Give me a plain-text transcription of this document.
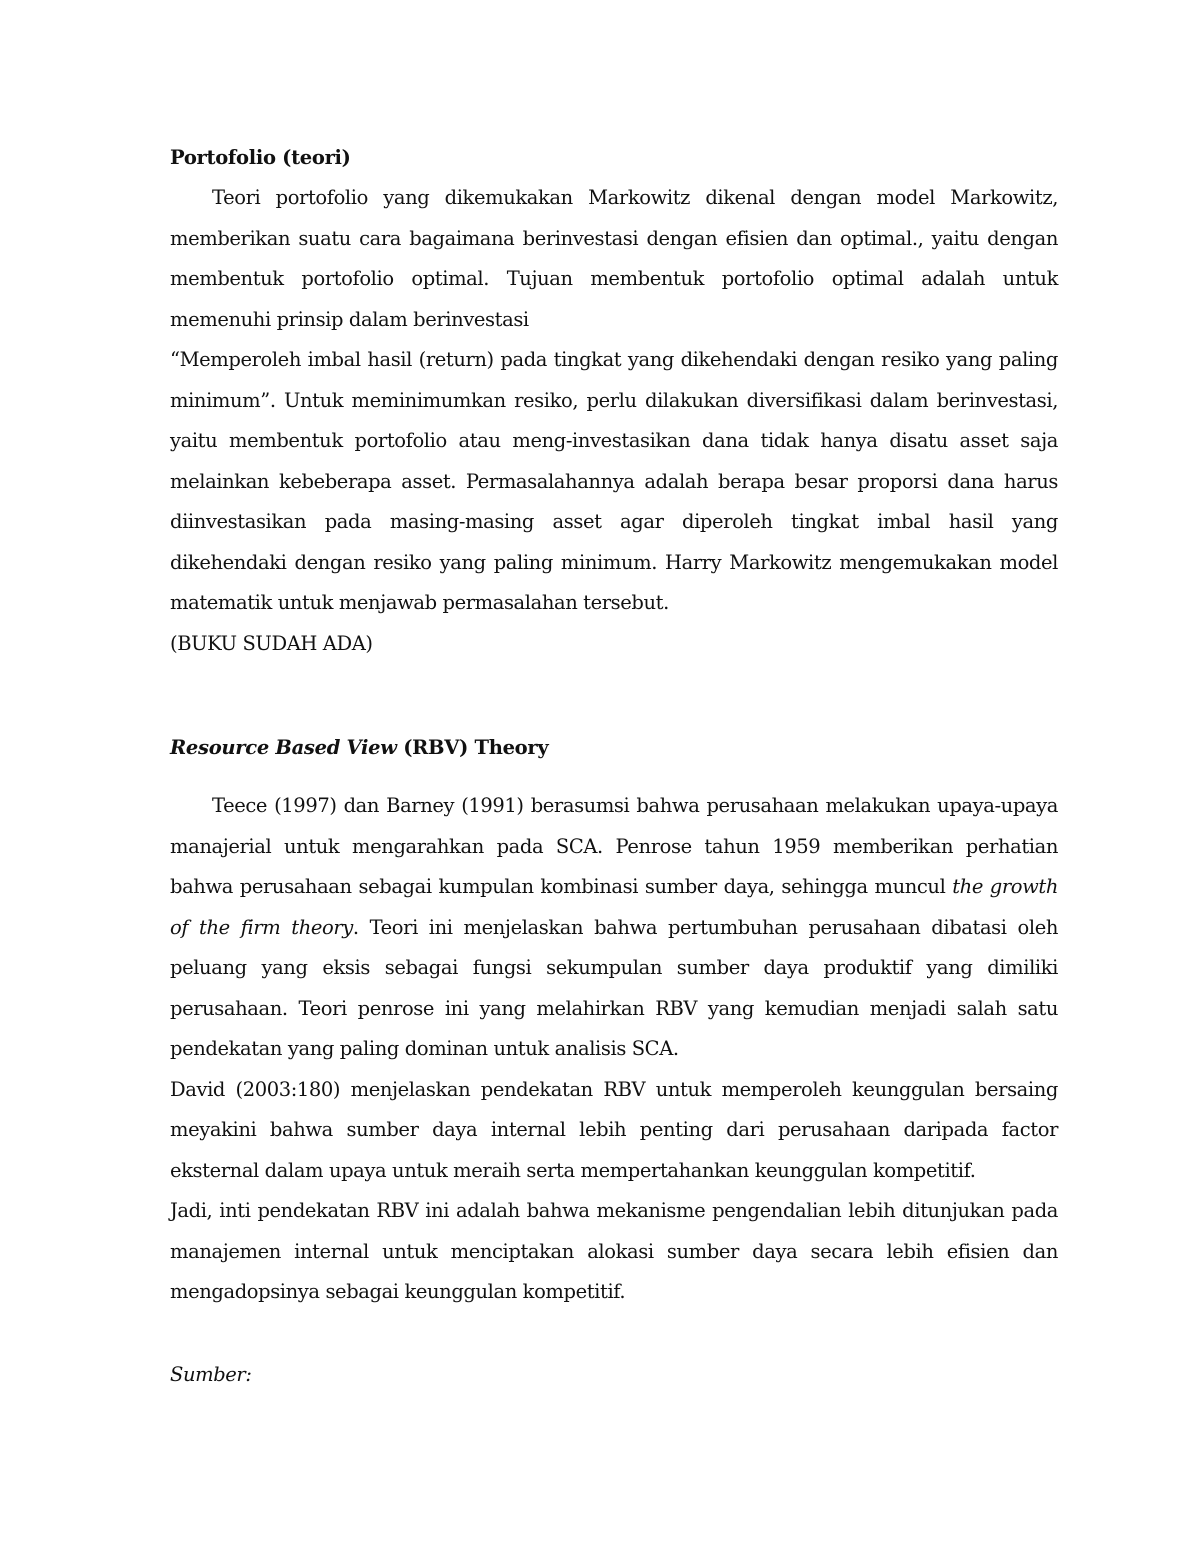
Portofolio (teori)

Teori portofolio yang dikemukakan Markowitz dikenal dengan model Markowitz, memberikan suatu cara bagaimana berinvestasi dengan efisien dan optimal., yaitu dengan membentuk portofolio optimal. Tujuan membentuk portofolio optimal adalah untuk memenuhi prinsip dalam berinvestasi

“Memperoleh imbal hasil (return) pada tingkat yang dikehendaki dengan resiko yang paling minimum”. Untuk meminimumkan resiko, perlu dilakukan diversifikasi dalam berinvestasi, yaitu membentuk portofolio atau meng-investasikan dana tidak hanya disatu asset saja melainkan kebeberapa asset. Permasalahannya adalah berapa besar proporsi dana harus diinvestasikan pada masing-masing asset agar diperoleh tingkat imbal hasil yang dikehendaki dengan resiko yang paling minimum. Harry Markowitz mengemukakan model matematik untuk menjawab permasalahan tersebut.

(BUKU SUDAH ADA)

Resource Based View (RBV) Theory

Teece (1997) dan Barney (1991) berasumsi bahwa perusahaan melakukan upaya-upaya manajerial untuk mengarahkan pada SCA. Penrose tahun 1959 memberikan perhatian bahwa perusahaan sebagai kumpulan kombinasi sumber daya, sehingga muncul the growth of the firm theory. Teori ini menjelaskan bahwa pertumbuhan perusahaan dibatasi oleh peluang yang eksis sebagai fungsi sekumpulan sumber daya produktif yang dimiliki perusahaan. Teori penrose ini yang melahirkan RBV yang kemudian menjadi salah satu pendekatan yang paling dominan untuk analisis SCA.

David (2003:180) menjelaskan pendekatan RBV untuk memperoleh keunggulan bersaing meyakini bahwa sumber daya internal lebih penting dari perusahaan daripada factor eksternal dalam upaya untuk meraih serta mempertahankan keunggulan kompetitif.

Jadi, inti pendekatan RBV ini adalah bahwa mekanisme pengendalian lebih ditunjukan pada manajemen internal untuk menciptakan alokasi sumber daya secara lebih efisien dan mengadopsinya sebagai keunggulan kompetitif.

Sumber:
